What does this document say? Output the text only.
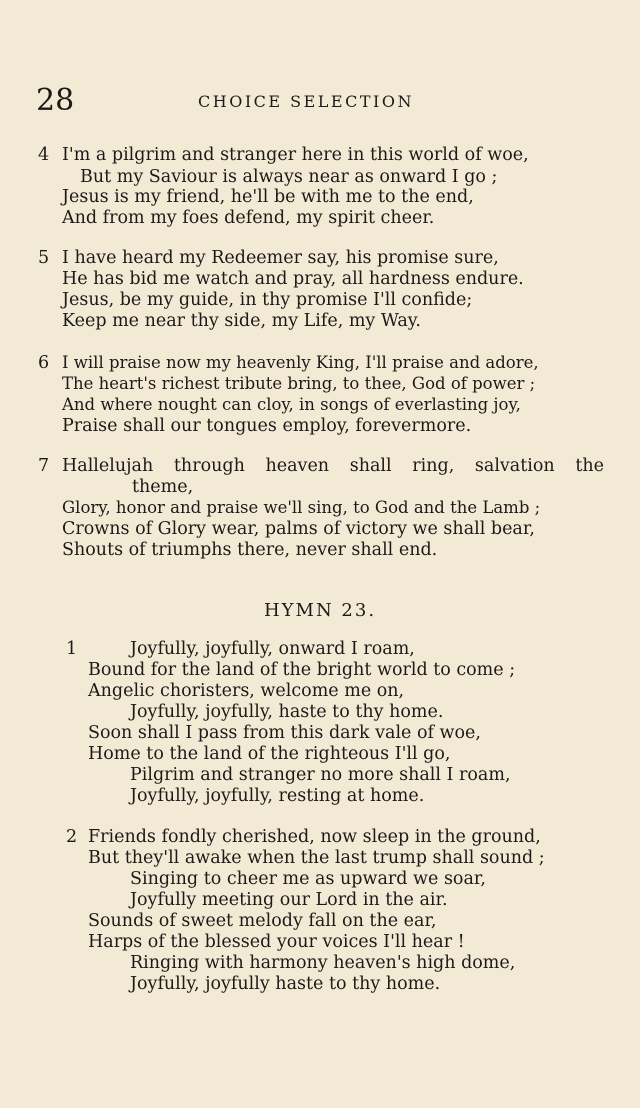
28	CHOICE SELECTION
4 I'm a pilgrim and stranger here in this world of woe,
But my Saviour is always near as onward I go ;
Jesus is my friend, he'll be with me to the end,
And from my foes defend, my spirit cheer.
5 I have heard my Redeemer say, his promise sure,
He has bid me watch and pray, all hardness endure.
Jesus, be my guide, in thy promise I'll confide;
Keep me near thy side, my Life, my Way.
6 I will praise now my heavenly King, I'll praise and adore,
The heart's richest tribute bring, to thee, God of power ;
And where nought can cloy, in songs of everlasting joy,
Praise shall our tongues employ, forevermore.
7 Hallelujah through heaven shall ring, salvation the
theme,
Glory, honor and praise we'll sing, to God and the Lamb ;
Crowns of Glory wear, palms of victory we shall bear,
Shouts of triumphs there, never shall end.
HYMN 23.
1	Joyfully, joyfully, onward I roam,
Bound for the land of the bright world to come ;
Angelic choristers, welcome me on,
Joyfully, joyfully, haste to thy home.
Soon shall I pass from this dark vale of woe,
Home to the land of the righteous I'll go,
Pilgrim and stranger no more shall I roam,
Joyfully, joyfully, resting at home.
2 Friends fondly cherished, now sleep in the ground,
But they'll awake when the last trump shall sound ;
Singing to cheer me as upward we soar,
Joyfully meeting our Lord in the air.
Sounds of sweet melody fall on the ear,
Harps of the blessed your voices I'll hear !
Ringing with harmony heaven's high dome,
Joyfully, joyfully haste to thy home.
